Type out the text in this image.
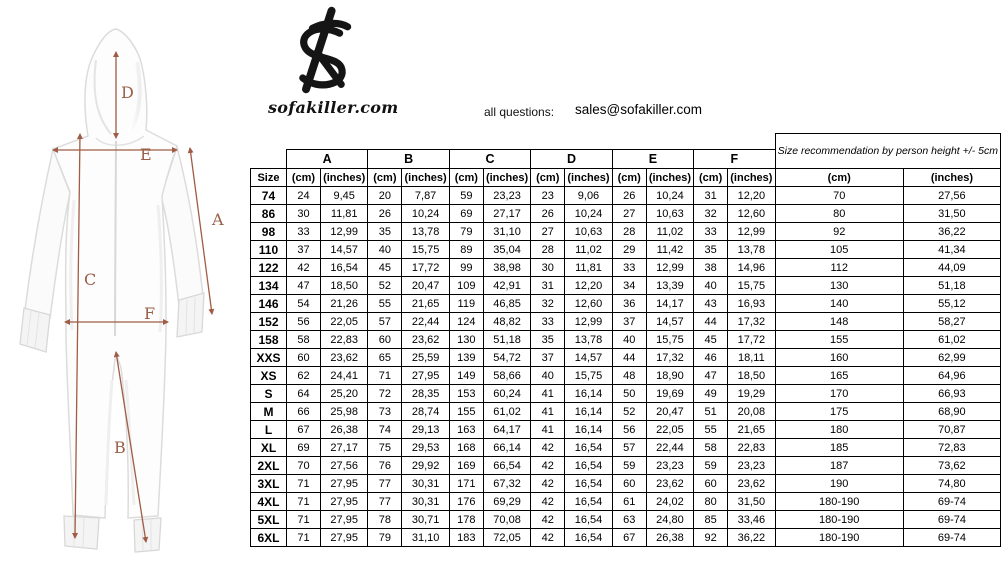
D
E
A
C
F
B
sofakiller.com	all questions: sales@sofakiller.com
													Size recommendation by person height +/- 5cm	
	A		B		C		D		E		F			
Size	(cm)	(inches)	(cm)	(inches)	(cm)	(inches)	(cm)	(inches)	(cm)	(inches)	(cm)	(inches)	(cm)	(inches)
74	24	9,45	20	7,87	59	23,23	23	9,06	26	10,24	31	12,20	70	27,56
86	30	11,81	26	10,24	69	27,17	26	10,24	27	10,63	32	12,60	80	31,50
98	33	12,99	35	13,78	79	31,10	27	10,63	28	11,02	33	12,99	92	36,22
110	37	14,57	40	15,75	89	35,04	28	11,02	29	11,42	35	13,78	105	41,34
122	42	16,54	45	17,72	99	38,98	30	11,81	33	12,99	38	14,96	112	44,09
134	47	18,50	52	20,47	109	42,91	31	12,20	34	13,39	40	15,75	130	51,18
146	54	21,26	55	21,65	119	46,85	32	12,60	36	14,17	43	16,93	140	55,12
152	56	22,05	57	22,44	124	48,82	33	12,99	37	14,57	44	17,32	148	58,27
158	58	22,83	60	23,62	130	51,18	35	13,78	40	15,75	45	17,72	155	61,02
XXS	60	23,62	65	25,59	139	54,72	37	14,57	44	17,32	46	18,11	160	62,99
XS	62	24,41	71	27,95	149	58,66	40	15,75	48	18,90	47	18,50	165	64,96
S	64	25,20	72	28,35	153	60,24	41	16,14	50	19,69	49	19,29	170	66,93
M	66	25,98	73	28,74	155	61,02	41	16,14	52	20,47	51	20,08	175	68,90
L	67	26,38	74	29,13	163	64,17	41	16,14	56	22,05	55	21,65	180	70,87
XL	69	27,17	75	29,53	168	66,14	42	16,54	57	22,44	58	22,83	185	72,83
2XL	70	27,56	76	29,92	169	66,54	42	16,54	59	23,23	59	23,23	187	73,62
3XL	71	27,95	77	30,31	171	67,32	42	16,54	60	23,62	60	23,62	190	74,80
4XL	71	27,95	77	30,31	176	69,29	42	16,54	61	24,02	80	31,50	180-190	69-74
5XL	71	27,95	78	30,71	178	70,08	42	16,54	63	24,80	85	33,46	180-190	69-74
6XL	71	27,95	79	31,10	183	72,05	42	16,54	67	26,38	92	36,22	180-190	69-74
